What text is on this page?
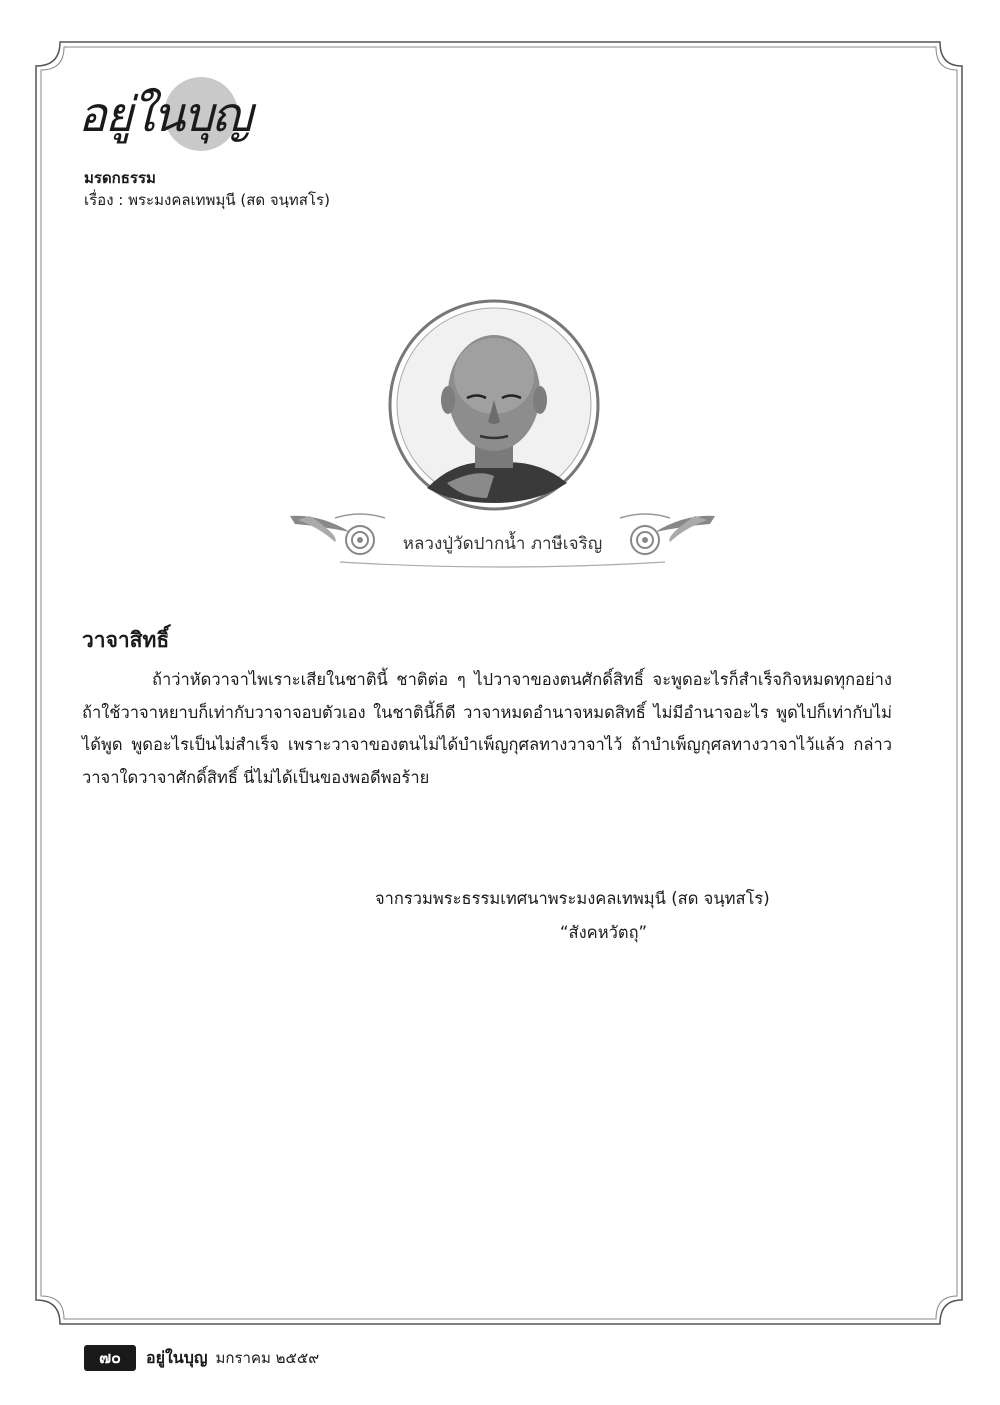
อยู่ในบุญ
มรดกธรรม
เรื่อง : พระมงคลเทพมุนี (สด จนฺทสโร)
หลวงปู่วัดปากน้ำ ภาษีเจริญ
วาจาสิทธิ์

ถ้าว่าหัดวาจาไพเราะเสียในชาตินี้ ชาติต่อ ๆ ไปวาจาของตนศักดิ์สิทธิ์ จะพูดอะไรก็สำเร็จกิจหมดทุกอย่าง ถ้าใช้วาจาหยาบก็เท่ากับวาจาจอบตัวเอง ในชาตินี้ก็ดี วาจาหมดอำนาจหมดสิทธิ์ ไม่มีอำนาจอะไร พูดไปก็เท่ากับไม่ได้พูด พูดอะไรเป็นไม่สำเร็จ เพราะวาจาของตนไม่ได้บำเพ็ญกุศลทางวาจาไว้ ถ้าบำเพ็ญกุศลทางวาจาไว้แล้ว กล่าววาจาใดวาจาศักดิ์สิทธิ์ นี่ไม่ได้เป็นของพอดีพอร้าย

จากรวมพระธรรมเทศนาพระมงคลเทพมุนี (สด จนฺทสโร)
“สังคหวัตถุ”
๗๐	อยู่ในบุญ มกราคม ๒๕๕๙
